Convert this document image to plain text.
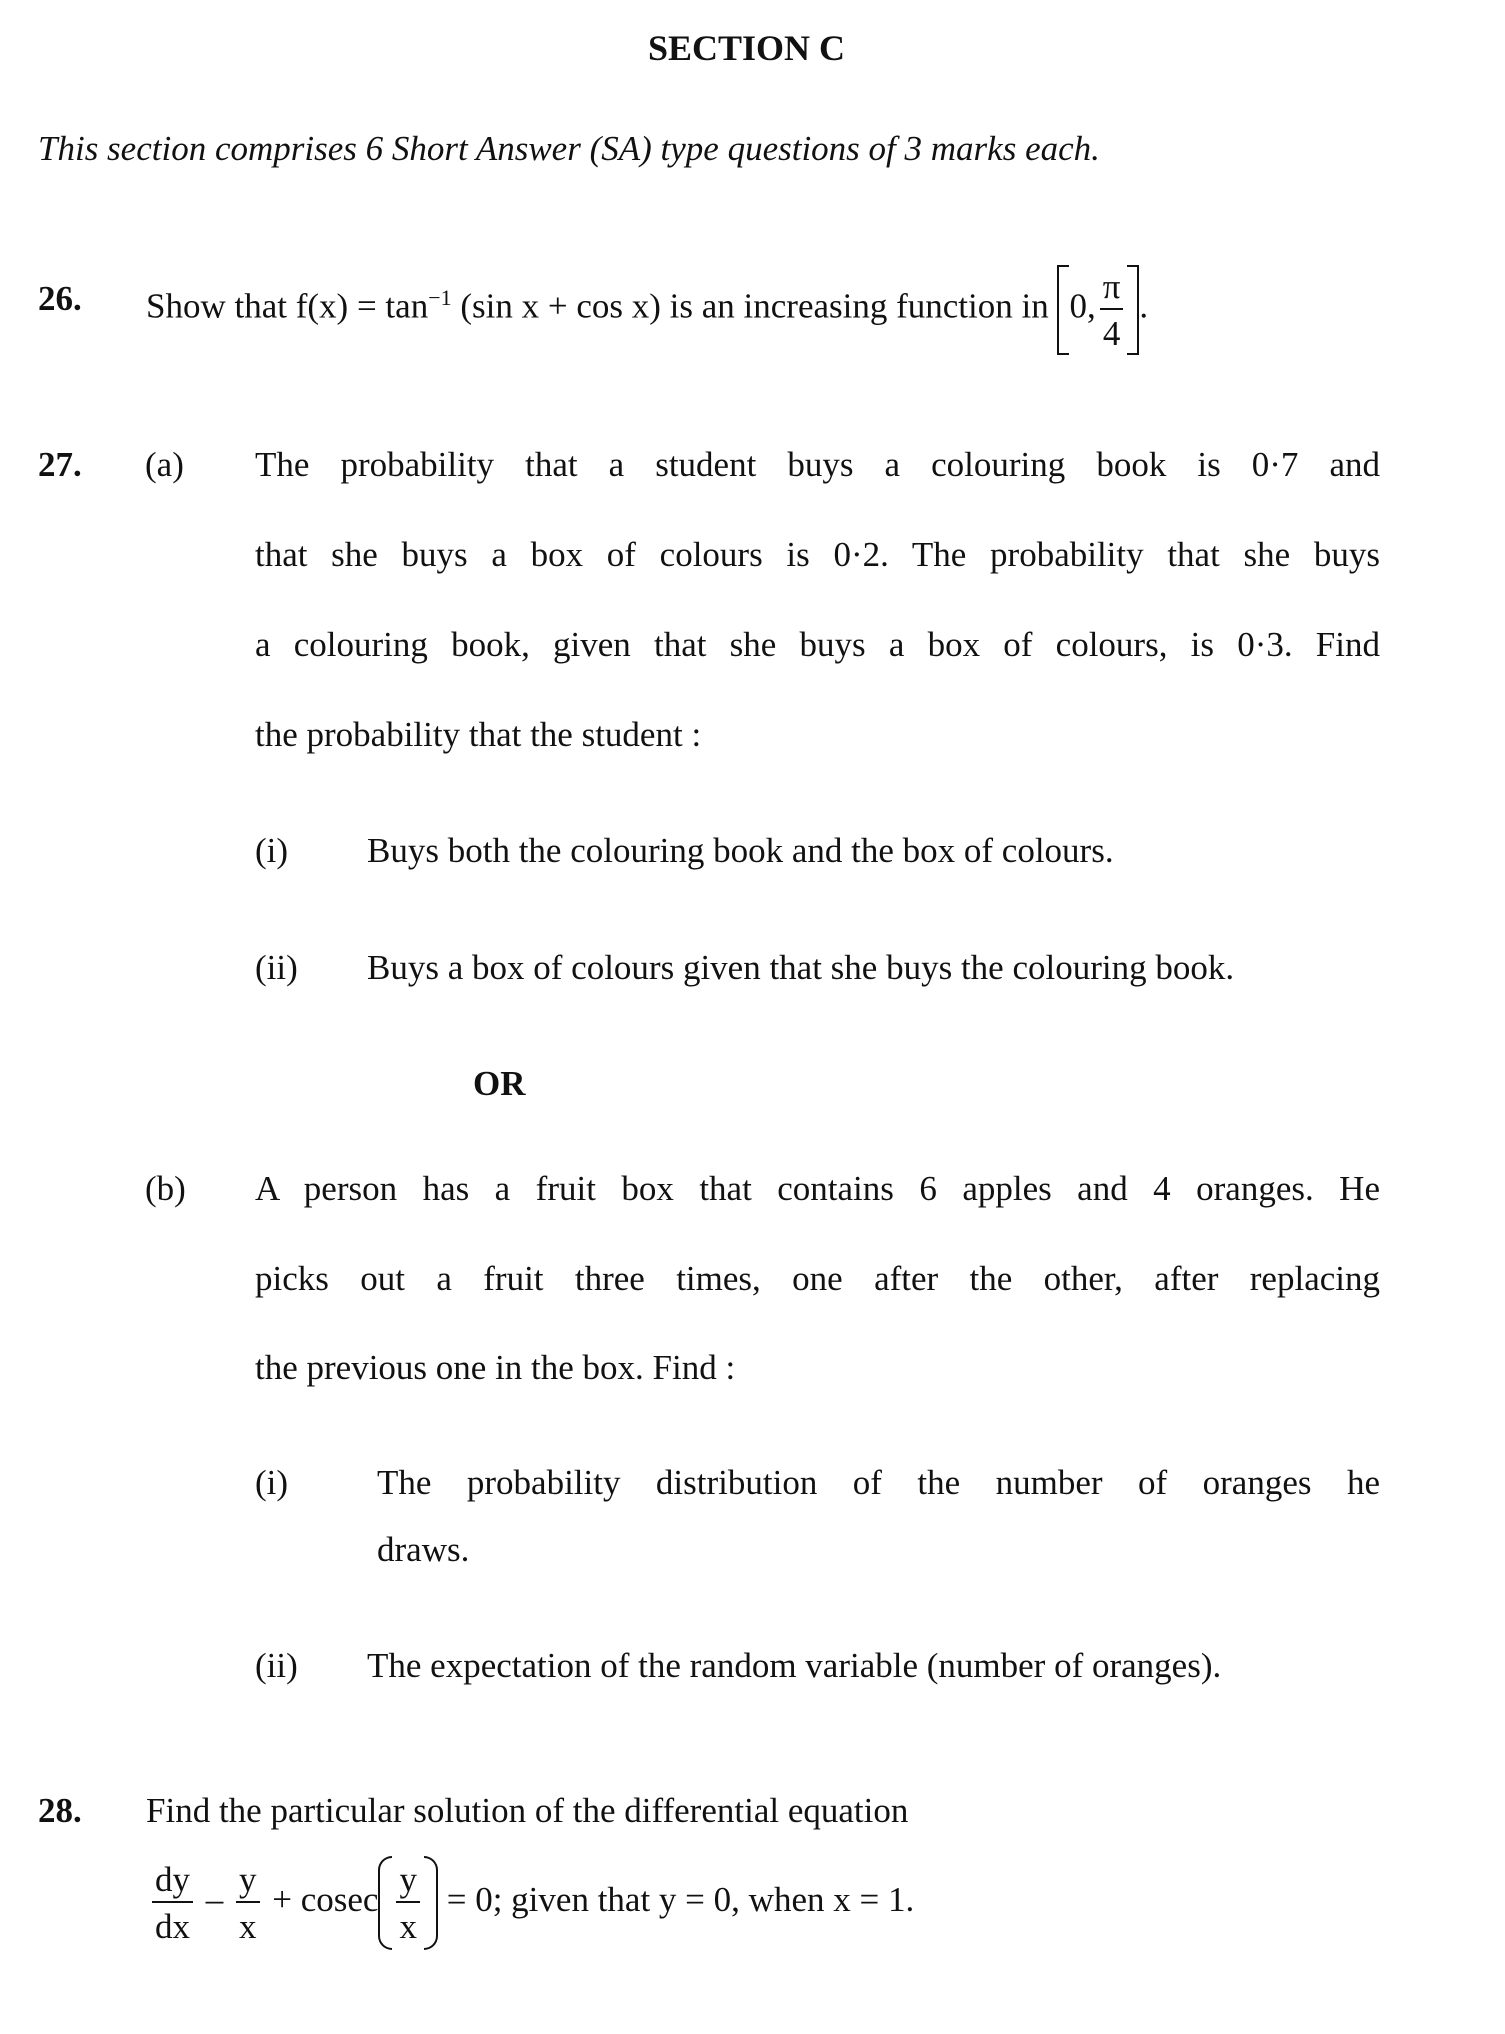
SECTION C
This section comprises 6 Short Answer (SA) type questions of 3 marks each.
26. Show that $f(x) = \tan^{-1} (\sin$ x + cos x) is an increasing function in 0, $\frac{\pi}{4}$ .
27. (a) The probability that a student buys a colouring book is 0·7 and
that she buys a box of colours is 0·2. The probability that she buys
a colouring book, given that she buys a box of colours, is 0·3. Find
the probability that the student :
(i) Buys both the colouring book and the box of colours.
(ii) Buys a box of colours given that she buys the colouring book.
OR
(b) A person has a fruit box that contains 6 apples and 4 oranges. He
picks out a fruit three times, one after the other, after replacing
the previous one in the box. Find :
(i)	The probability distribution of the number of oranges he
draws.
(ii) The expectation of the random variable (number of oranges).
28. Find the particular solution of the differential equation
$\frac{dy}{dx} - \frac{y}{x} + cosec \frac{y}{x} = 0$; given that y = 0, when x = 1.
